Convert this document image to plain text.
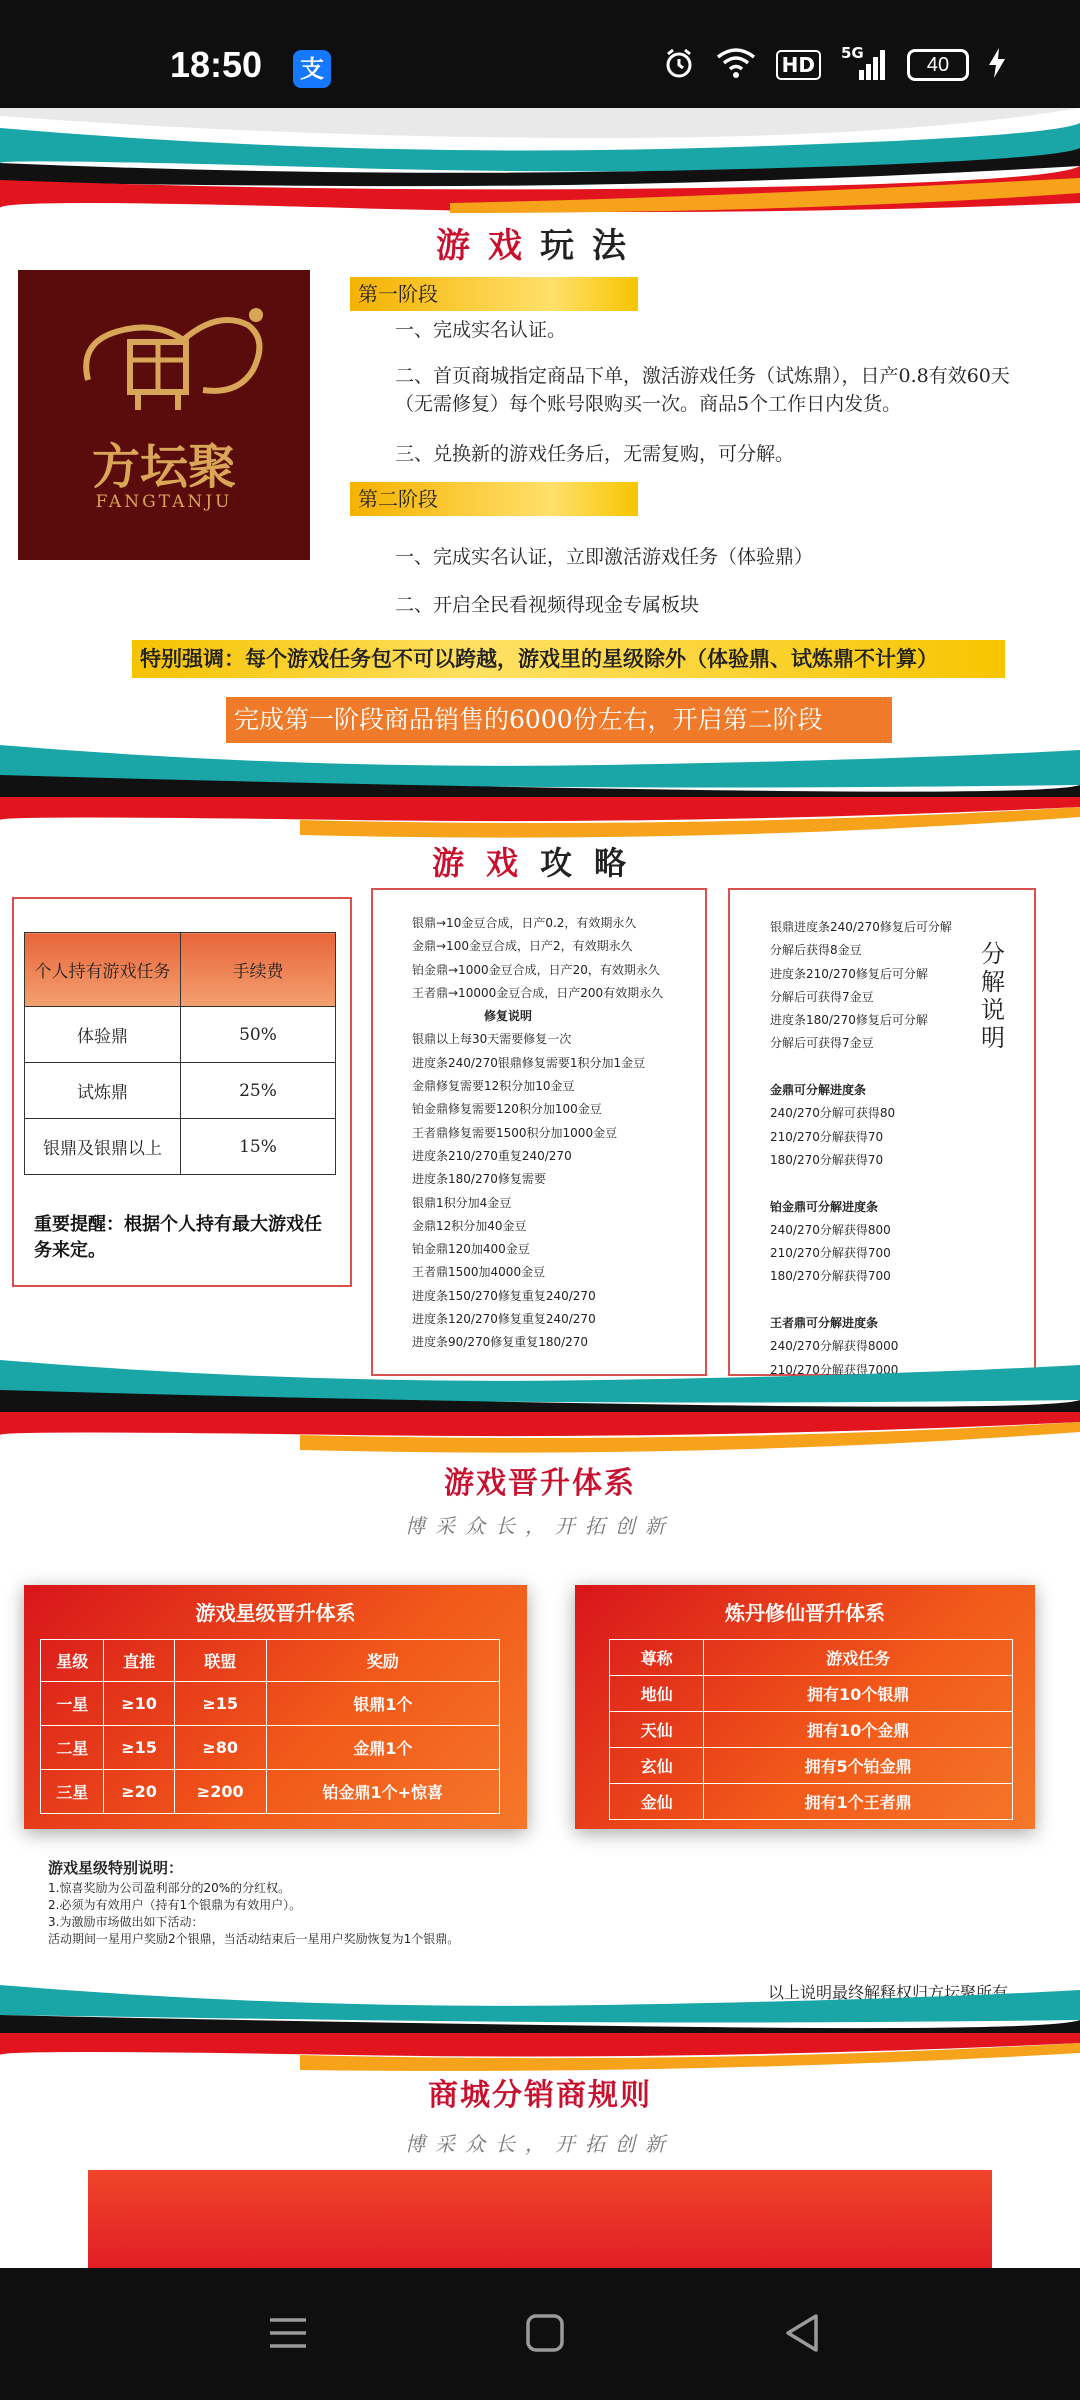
18:50 支	HD	5G
40
游戏玩法
方坛聚
FANGTANJU
第一阶段
一、完成实名认证。
二、首页商城指定商品下单，激活游戏任务（试炼鼎），日产0.8有效60天（无需修复）每个账号限购买一次。商品5个工作日内发货。
三、兑换新的游戏任务后，无需复购，可分解。
第二阶段
一、完成实名认证，立即激活游戏任务（体验鼎）
二、开启全民看视频得现金专属板块
特别强调：每个游戏任务包不可以跨越，游戏里的星级除外（体验鼎、试炼鼎不计算）
完成第一阶段商品销售的6000份左右，开启第二阶段
游戏攻略
个人持有游戏任务	手续费
体验鼎	50%
试炼鼎	25%
银鼎及银鼎以上	15%
重要提醒：根据个人持有最大游戏任务来定。
银鼎→10金豆合成，日产0.2，有效期永久
金鼎→100金豆合成，日产2，有效期永久
铂金鼎→1000金豆合成，日产20，有效期永久
王者鼎→10000金豆合成，日产200有效期永久
修复说明
银鼎以上每30天需要修复一次
进度条240/270银鼎修复需要1积分加1金豆
金鼎修复需要12积分加10金豆
铂金鼎修复需要120积分加100金豆
王者鼎修复需要1500积分加1000金豆
进度条210/270重复240/270
进度条180/270修复需要
银鼎1积分加4金豆
金鼎12积分加40金豆
铂金鼎120加400金豆
王者鼎1500加4000金豆
进度条150/270修复重复240/270
进度条120/270修复重复240/270
进度条90/270修复重复180/270
银鼎进度条240/270修复后可分解
分解后获得8金豆
进度条210/270修复后可分解
分解后可获得7金豆
进度条180/270修复后可分解
分解后可获得7金豆
金鼎可分解进度条
240/270分解可获得80
210/270分解获得70
180/270分解获得70
铂金鼎可分解进度条
240/270分解获得800
210/270分解获得700
180/270分解获得700
王者鼎可分解进度条
240/270分解获得8000
210/270分解获得7000
分解说明
游戏晋升体系
博采众长，开拓创新
游戏星级晋升体系
星级	直推	联盟	奖励
一星	≥10	≥15	银鼎1个
二星	≥15	≥80	金鼎1个
三星	≥20	≥200	铂金鼎1个+惊喜
炼丹修仙晋升体系
尊称	游戏任务
地仙	拥有10个银鼎
天仙	拥有10个金鼎
玄仙	拥有5个铂金鼎
金仙	拥有1个王者鼎
游戏星级特别说明：
1.惊喜奖励为公司盈利部分的20%的分红权。
2.必须为有效用户（持有1个银鼎为有效用户）。
3.为激励市场做出如下活动：
活动期间一星用户奖励2个银鼎，当活动结束后一星用户奖励恢复为1个银鼎。
以上说明最终解释权归方坛聚所有
商城分销商规则
博采众长，开拓创新
